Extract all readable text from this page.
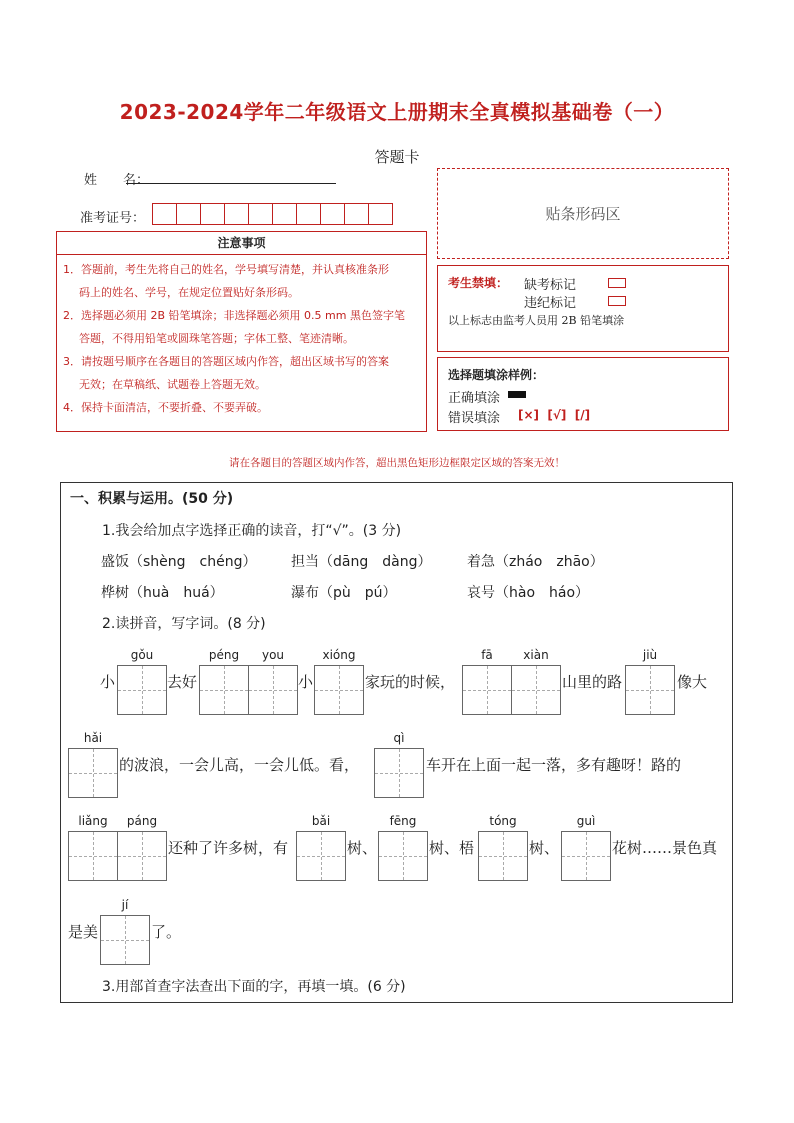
2023-2024学年二年级语文上册期末全真模拟基础卷（一）
答题卡
姓　　名：
准考证号：	贴条形码区
注意事项

1．答题前，考生先将自己的姓名，学号填写清楚，并认真核准条形

码上的姓名、学号，在规定位置贴好条形码。

2．选择题必须用 2B 铅笔填涂；非选择题必须用 0.5 mm 黑色签字笔

答题，不得用铅笔或圆珠笔答题；字体工整、笔迹清晰。

3．请按题号顺序在各题目的答题区域内作答，超出区域书写的答案

无效；在草稿纸、试题卷上答题无效。

4．保持卡面清洁，不要折叠、不要弄破。

考生禁填： 缺考标记
违纪标记
以上标志由监考人员用 2B 铅笔填涂
选择题填涂样例：
正确填涂
错误填涂 [×]  [√]  [/]
请在各题目的答题区域内作答，超出黑色矩形边框限定区域的答案无效！
一、积累与运用。(50 分)
1.我会给加点字选择正确的读音，打“√”。(3 分)
盛饭（shèng　chéng） 担当（dāng　dàng）	着急（zháo　zhāo）
桦树（huà　huá）	瀑布（pù　pú）	哀号（hào　háo）
2.读拼音，写字词。(8 分)
3.用部首查字法查出下面的字，再填一填。(6 分)
gǒu	péng	you	xióng	fā	xiàn	jiù
小	去好	小	家玩的时候，	山里的路	像大
hǎi	qì
的波浪，一会儿高，一会儿低。看，	车开在上面一起一落，多有趣呀！路的
liǎng	páng	bǎi	fēng	tóng	guì
还种了许多树，有	树、	树、梧	树、	花树……景色真
jí
是美	了。
